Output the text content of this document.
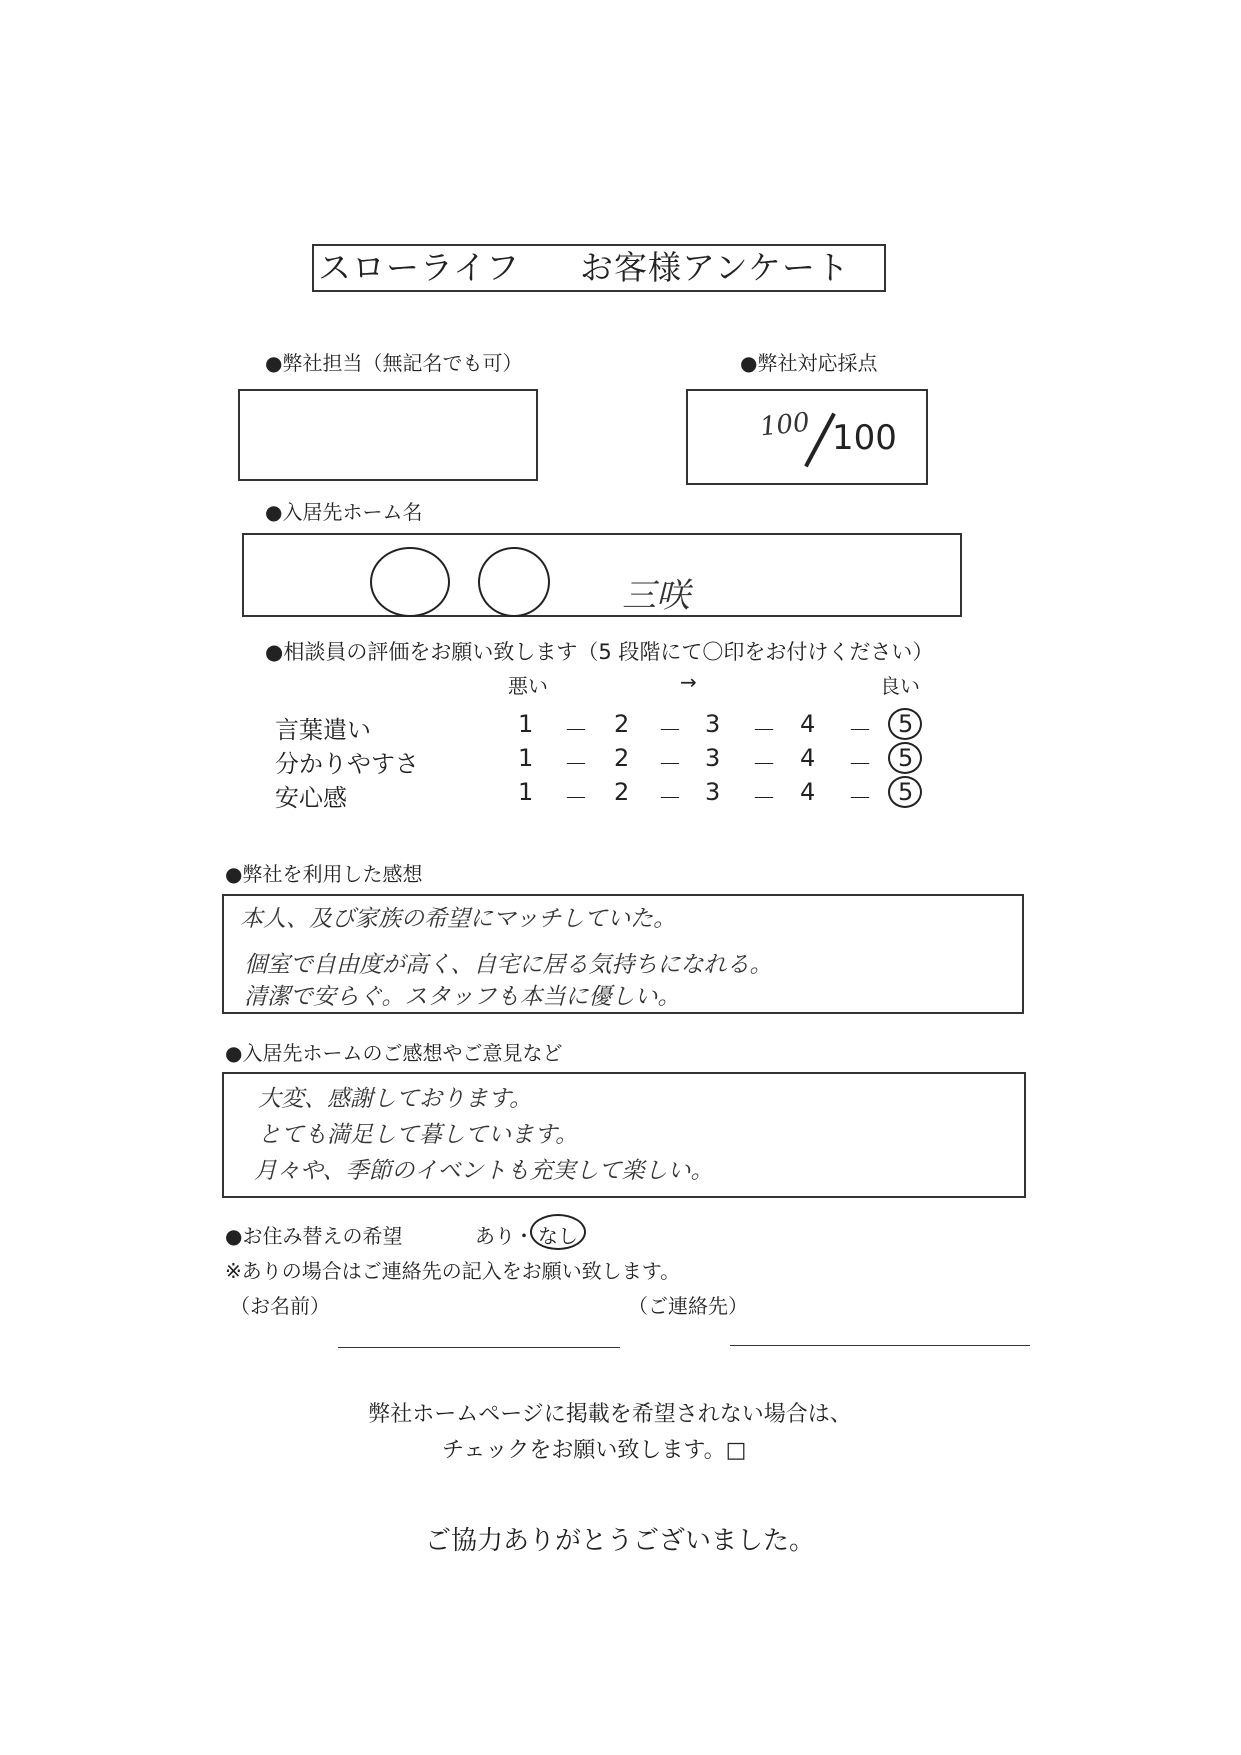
スローライフ お客様アンケート
●弊社担当（無記名でも可）	●弊社対応採点
100 100
●入居先ホーム名
三咲
●相談員の評価をお願い致します（5 段階にて〇印をお付けください）
悪い	→	良い
言葉遣い	1 － 2 － 3 － 4 － 5
分かりやすさ	1 － 2 － 3 － 4 － 5
安心感	1 － 2 － 3 － 4 － 5
●弊社を利用した感想
本人、及び家族の希望にマッチしていた。
個室で自由度が高く、自宅に居る気持ちになれる。
清潔で安らぐ。スタッフも本当に優しい。
●入居先ホームのご感想やご意見など
大変、感謝しております。
とても満足して暮しています。
月々や、季節のイベントも充実して楽しい。
●お住み替えの希望	あり ・ なし
※ありの場合はご連絡先の記入をお願い致します。
（お名前）	（ご連絡先）
弊社ホームページに掲載を希望されない場合は、
チェックをお願い致します。□
ご協力ありがとうございました。
